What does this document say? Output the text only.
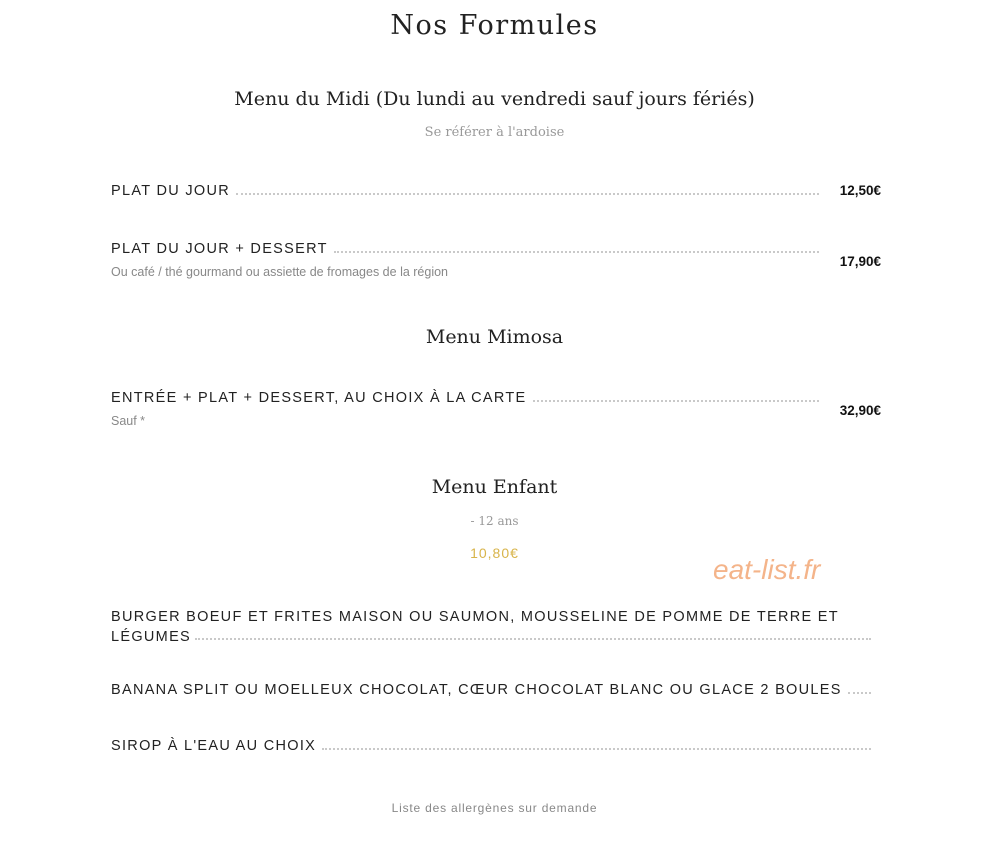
Nos Formules
Menu du Midi (Du lundi au vendredi sauf jours fériés)
Se référer à l'ardoise
PLAT DU JOUR	12,50€
PLAT DU JOUR + DESSERT
Ou café / thé gourmand ou assiette de fromages de la région
17,90€
Menu Mimosa
ENTRÉE + PLAT + DESSERT, AU CHOIX À LA CARTE
Sauf *
32,90€
Menu Enfant
- 12 ans
10,80€
eat-list.fr
BURGER BOEUF ET FRITES MAISON OU SAUMON, MOUSSELINE DE POMME DE TERRE ET LÉGUMES
BANANA SPLIT OU MOELLEUX CHOCOLAT, CŒUR CHOCOLAT BLANC OU GLACE 2 BOULES
SIROP À L'EAU AU CHOIX
Liste des allergènes sur demande
